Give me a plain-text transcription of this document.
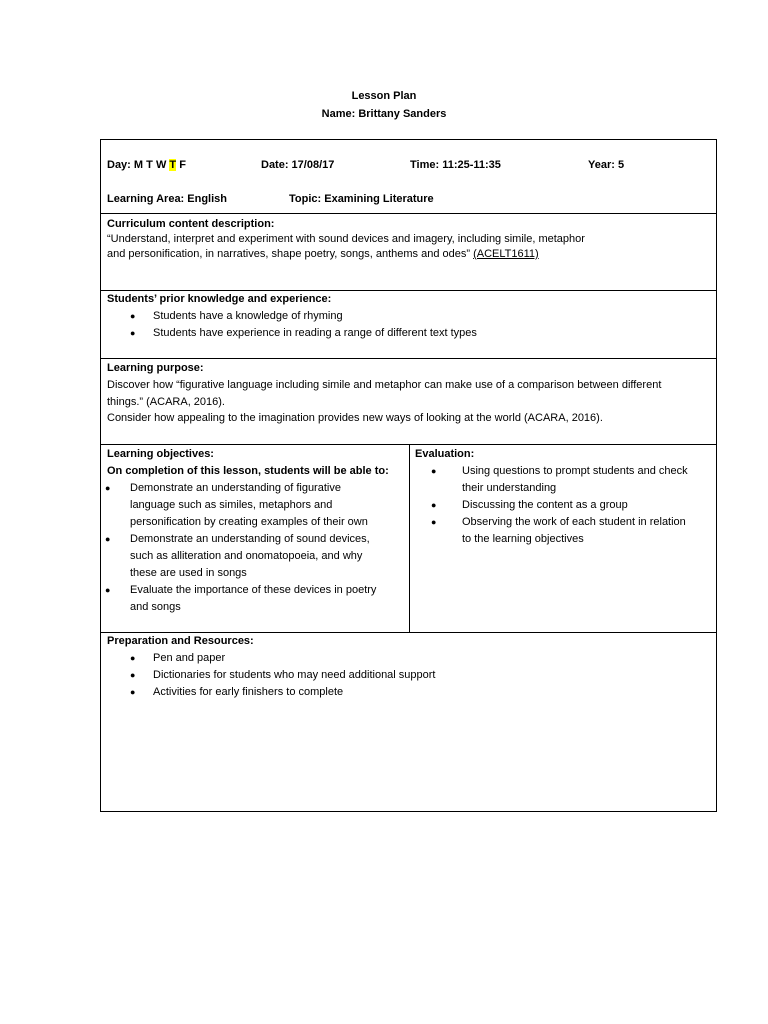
Lesson Plan
Name: Brittany Sanders
Day: M T W T F	Date: 17/08/17	Time: 11:25-11:35	Year: 5
Learning Area: English	Topic: Examining Literature
Curriculum content description:
“Understand, interpret and experiment with sound devices and imagery, including simile, metaphor
and personification, in narratives, shape poetry, songs, anthems and odes” (ACELT1611)
Students’ prior knowledge and experience:
● Students have a knowledge of rhyming
● Students have experience in reading a range of different text types
Learning purpose:
Discover how “figurative language including simile and metaphor can make use of a comparison between different
things.” (ACARA, 2016).
Consider how appealing to the imagination provides new ways of looking at the world (ACARA, 2016).
Learning objectives:
On completion of this lesson, students will be able to:
● Demonstrate an understanding of figurative
language such as similes, metaphors and
personification by creating examples of their own
● Demonstrate an understanding of sound devices,
such as alliteration and onomatopoeia, and why
these are used in songs
● Evaluate the importance of these devices in poetry
and songs
Evaluation:
● Using questions to prompt students and check
their understanding
● Discussing the content as a group
● Observing the work of each student in relation
to the learning objectives
Preparation and Resources:
● Pen and paper
● Dictionaries for students who may need additional support
● Activities for early finishers to complete
